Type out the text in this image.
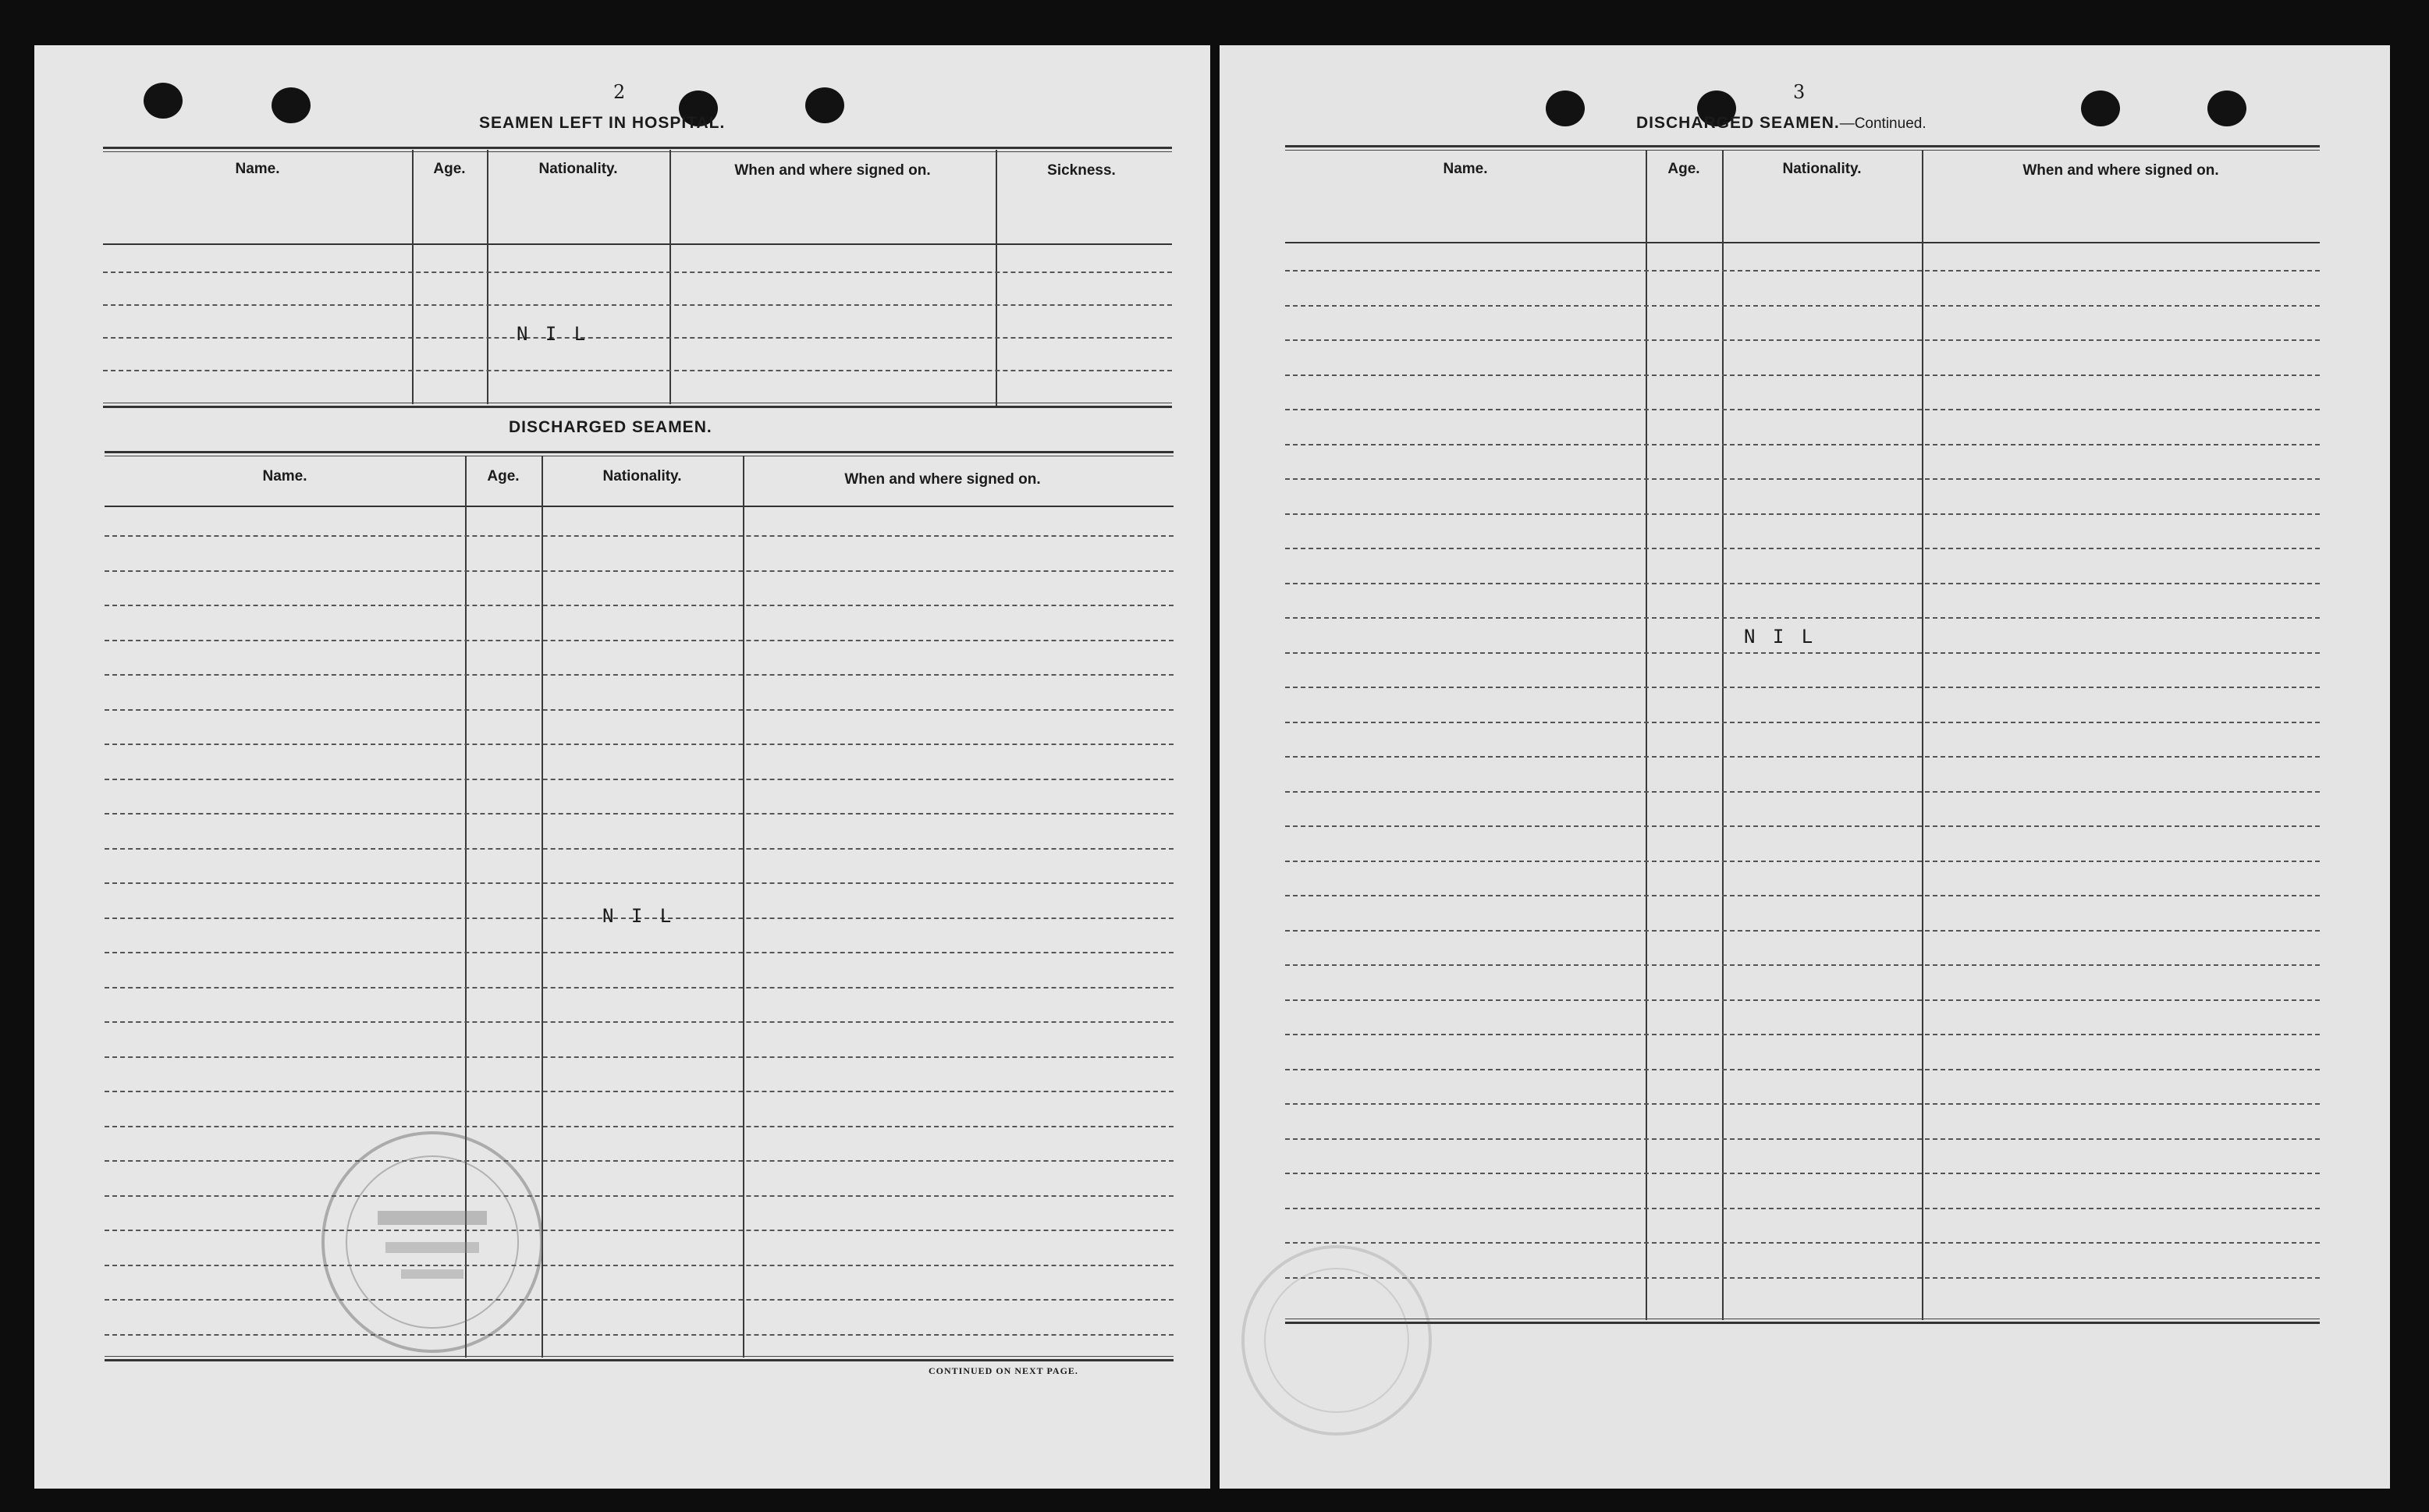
2
SEAMEN LEFT IN HOSPITAL.
Name.	Age.	Nationality.	When and where signed on.	Sickness.
N I L
DISCHARGED SEAMEN.
Name.	Age.	Nationality.	When and where signed on.
N I L
CONTINUED ON NEXT PAGE.
3
DISCHARGED SEAMEN.—Continued.
Name.	Age.	Nationality.	When and where signed on.
N I L
